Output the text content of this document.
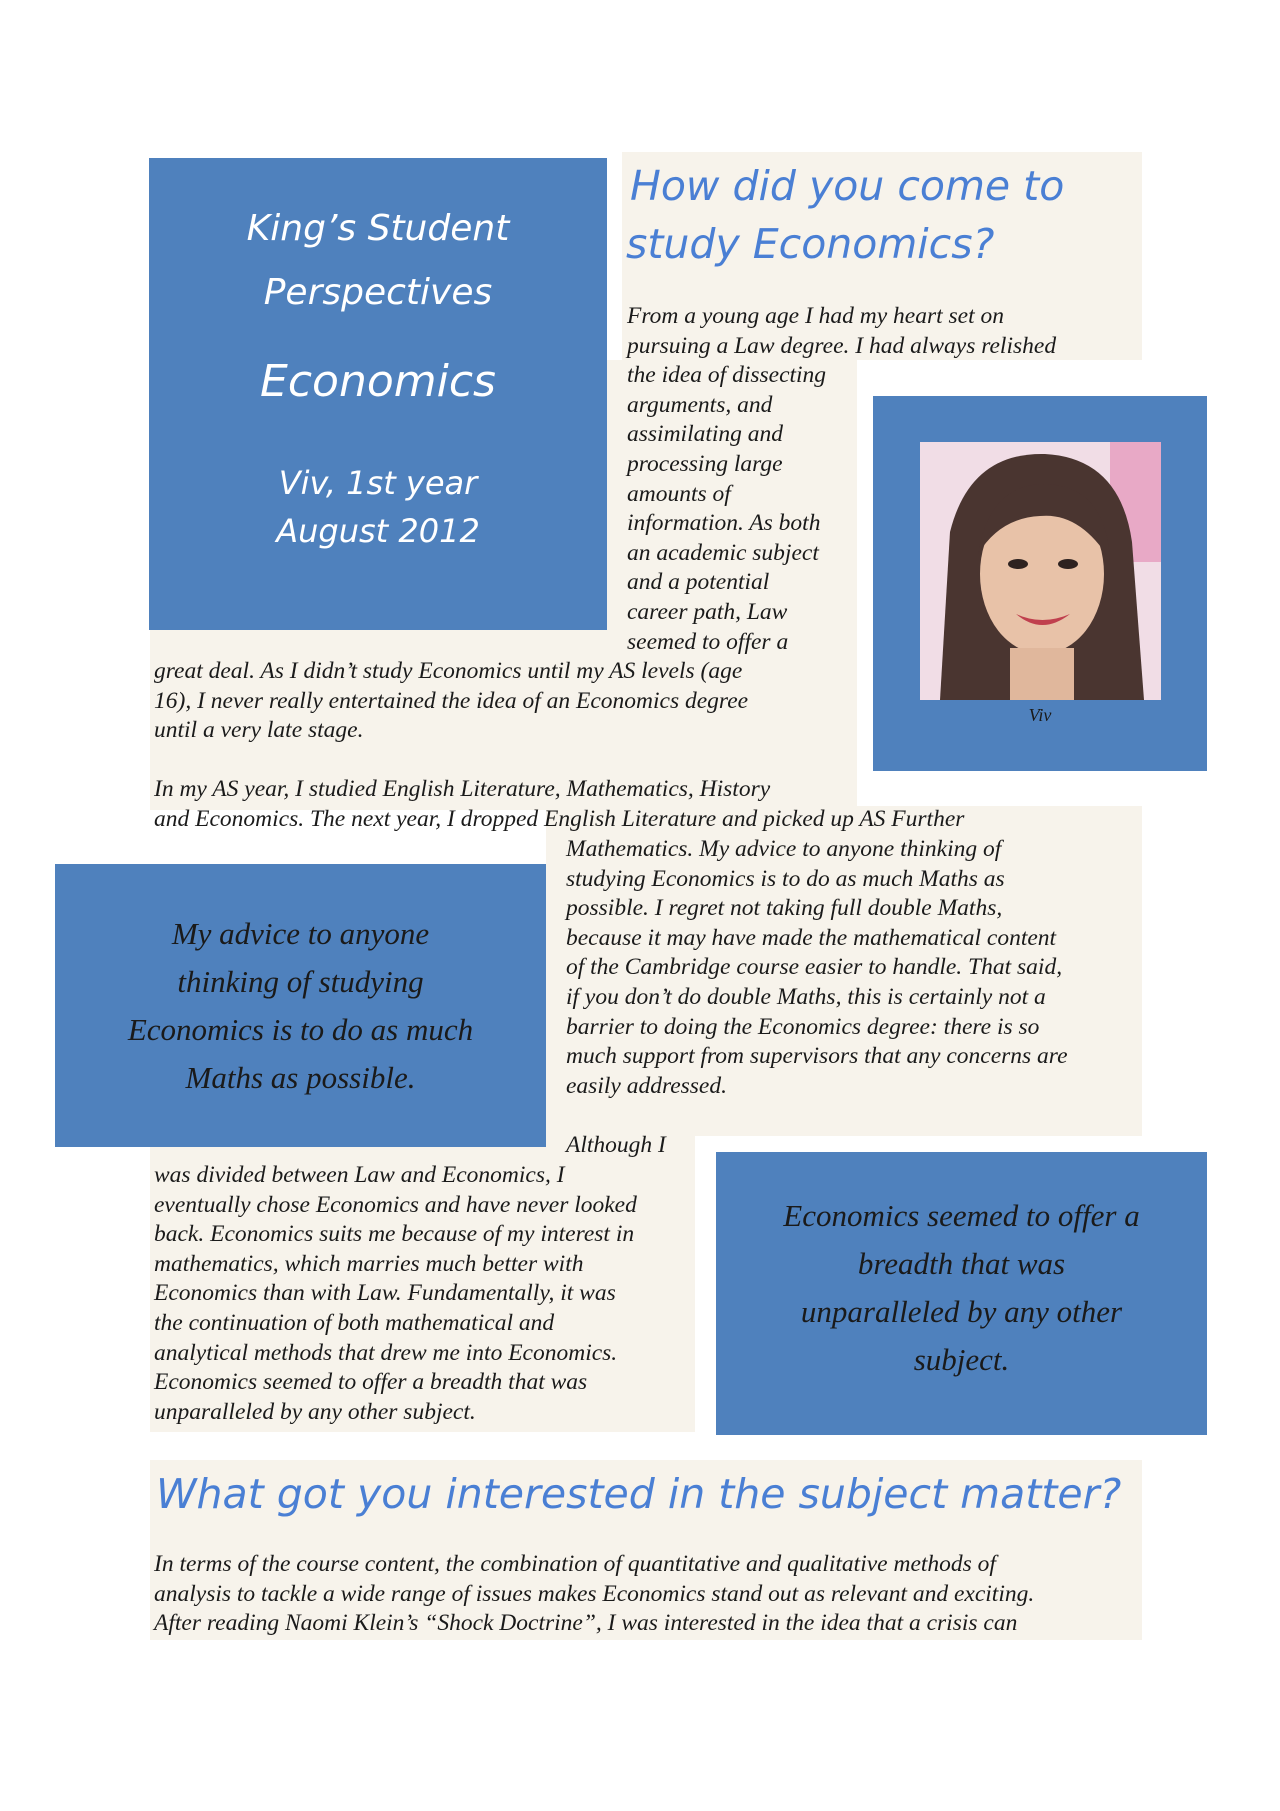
King’s Student
Perspectives
Economics
Viv, 1st year
August 2012
How did you come to
study Economics?
Viv
My advice to anyone
thinking of studying
Economics is to do as much
Maths as possible.
Economics seemed to offer a
breadth that was
unparalleled by any other
subject.

From a young age I had my heart set on

pursuing a Law degree. I had always relished

the idea of dissecting

arguments, and

assimilating and

processing large

amounts of

information. As both

an academic subject

and a potential

career path, Law

seemed to offer a

great deal. As I didn’t study Economics until my AS levels (age

16), I never really entertained the idea of an Economics degree

until a very late stage.

In my AS year, I studied English Literature, Mathematics, History

and Economics. The next year, I dropped English Literature and picked up AS Further

Mathematics. My advice to anyone thinking of

studying Economics is to do as much Maths as

possible. I regret not taking full double Maths,

because it may have made the mathematical content

of the Cambridge course easier to handle. That said,

if you don’t do double Maths, this is certainly not a

barrier to doing the Economics degree: there is so

much support from supervisors that any concerns are

easily addressed.

Although I

was divided between Law and Economics, I

eventually chose Economics and have never looked

back. Economics suits me because of my interest in

mathematics, which marries much better with

Economics than with Law. Fundamentally, it was

the continuation of both mathematical and

analytical methods that drew me into Economics.

Economics seemed to offer a breadth that was

unparalleled by any other subject.

What got you interested in the subject matter?

In terms of the course content, the combination of quantitative and qualitative methods of

analysis to tackle a wide range of issues makes Economics stand out as relevant and exciting.

After reading Naomi Klein’s “Shock Doctrine”, I was interested in the idea that a crisis can
